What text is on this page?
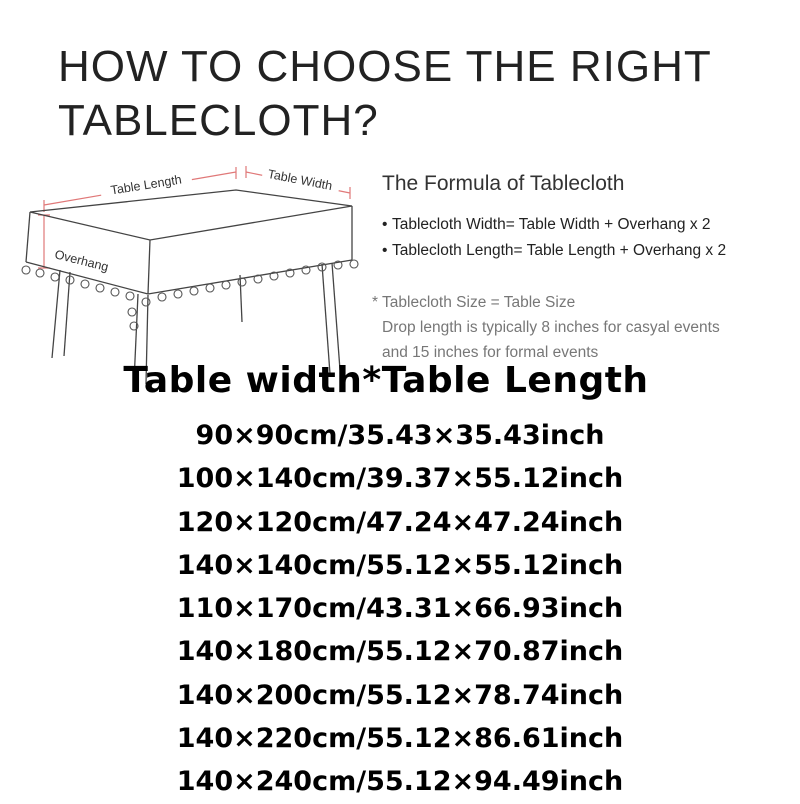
HOW TO CHOOSE THE RIGHT
TABLECLOTH?
Table Length	Table Width
Overhang
The Formula of Tablecloth
• Tablecloth Width= Table Width + Overhang x 2
• Tablecloth Length= Table Length + Overhang x 2
* Tablecloth Size = Table Size
Drop length is typically 8 inches for casyal events
and 15 inches for formal events
Table width*Table Length
90×90cm/35.43×35.43inch
100×140cm/39.37×55.12inch
120×120cm/47.24×47.24inch
140×140cm/55.12×55.12inch
110×170cm/43.31×66.93inch
140×180cm/55.12×70.87inch
140×200cm/55.12×78.74inch
140×220cm/55.12×86.61inch
140×240cm/55.12×94.49inch
